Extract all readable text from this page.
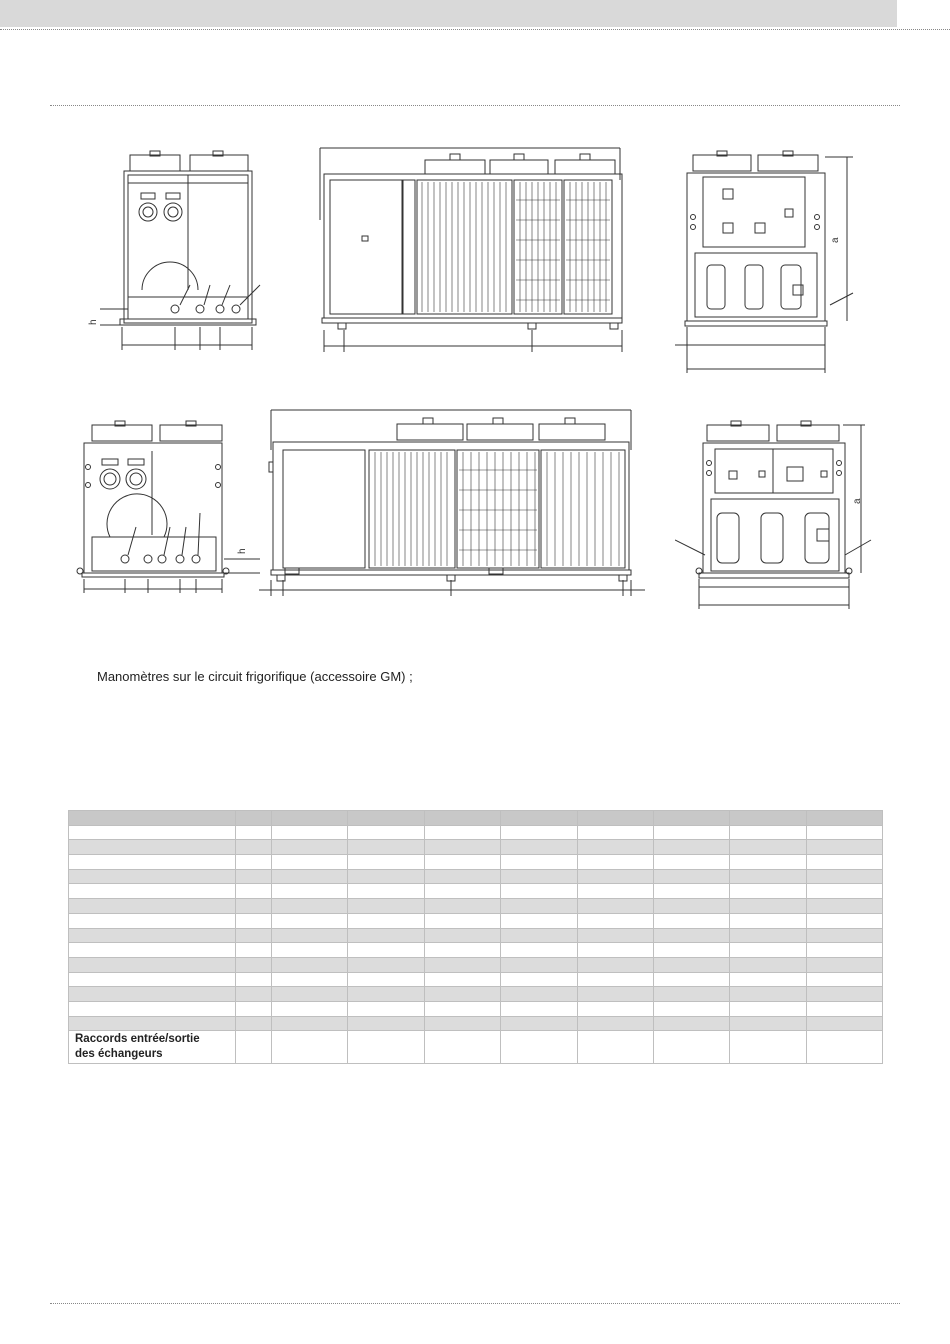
h
a
h
a
Manomètres sur le circuit frigorifique (accessoire GM) ;

Raccords entrée/sortie
des échangeurs									
